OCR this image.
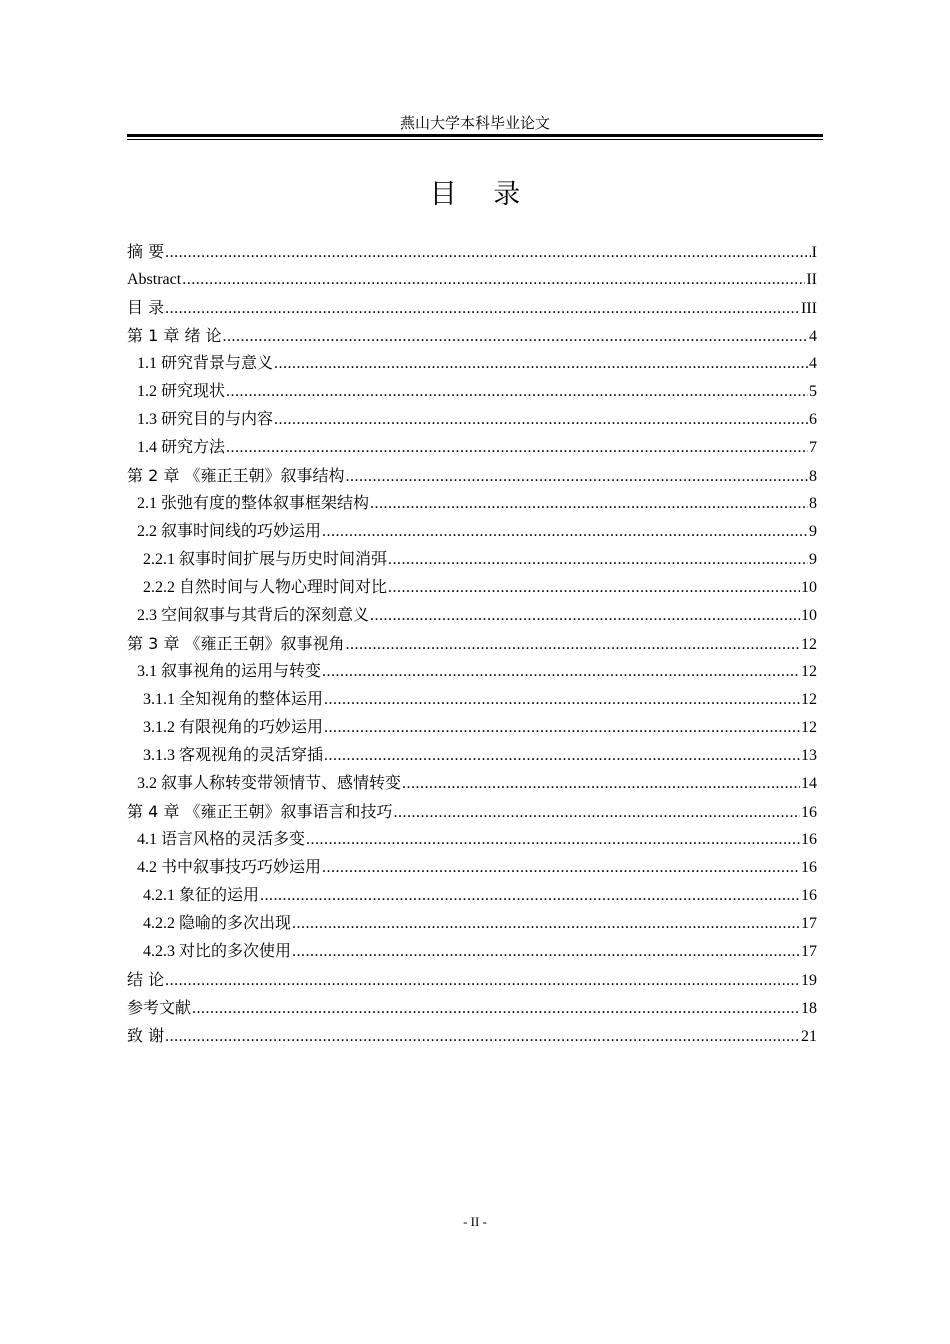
燕山大学本科毕业论文
目 录
摘 要 .....	I
Abstract .....	II
目 录 .....	III
第 1 章 绪 论 .....	4
1.1 研究背景与意义 .....	4
1.2 研究现状 .....	5
1.3 研究目的与内容 .....	6
1.4 研究方法 .....	7
第 2 章 《雍正王朝》叙事结构 .....	8
2.1 张弛有度的整体叙事框架结构 .....	8
2.2 叙事时间线的巧妙运用 .....	9
2.2.1 叙事时间扩展与历史时间消弭 .....	9
2.2.2 自然时间与人物心理时间对比 .....	10
2.3 空间叙事与其背后的深刻意义 .....	10
第 3 章 《雍正王朝》叙事视角 .....	12
3.1 叙事视角的运用与转变 .....	12
3.1.1 全知视角的整体运用 .....	12
3.1.2 有限视角的巧妙运用 .....	12
3.1.3 客观视角的灵活穿插 .....	13
3.2 叙事人称转变带领情节、感情转变 .....	14
第 4 章 《雍正王朝》叙事语言和技巧 .....	16
4.1 语言风格的灵活多变 .....	16
4.2 书中叙事技巧巧妙运用 .....	16
4.2.1 象征的运用 .....	16
4.2.2 隐喻的多次出现 .....	17
4.2.3 对比的多次使用 .....	17
结 论 .....	19
参考文献 .....	18
致 谢 .....	21
- II -
